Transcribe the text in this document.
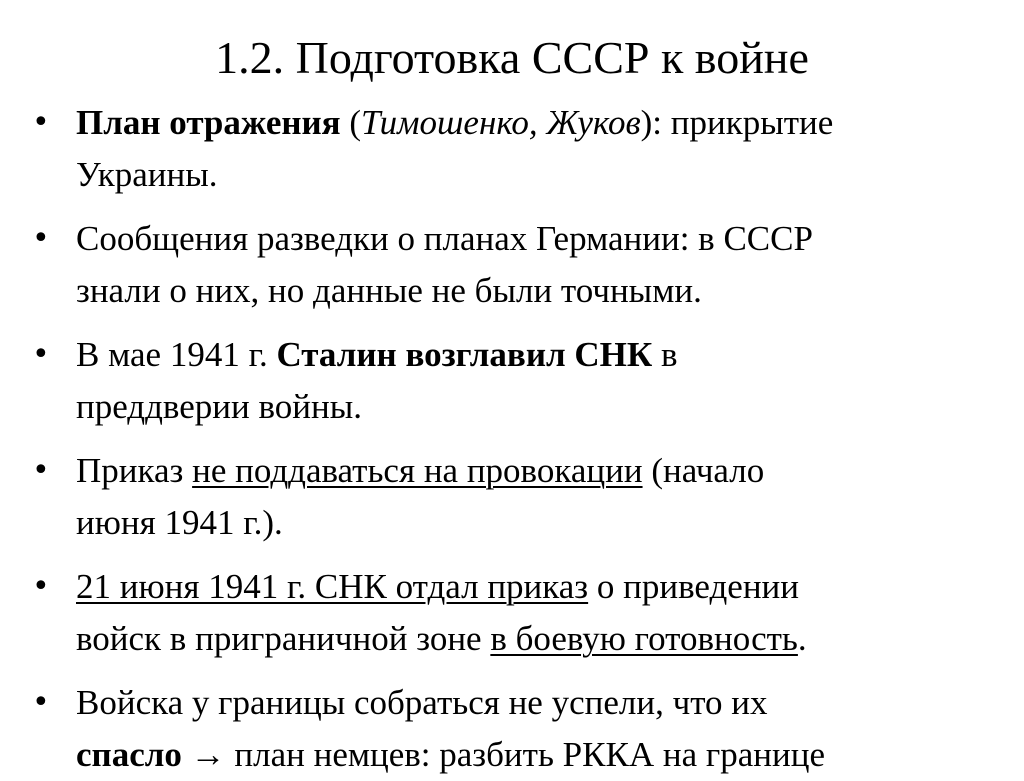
1.2. Подготовка СССР к войне
• План отражения (Тимошенко, Жуков): прикрытие
Украины.
• Сообщения разведки о планах Германии: в СССР
знали о них, но данные не были точными.
• В мае 1941 г. Сталин возглавил СНК в
преддверии войны.
• Приказ не поддаваться на провокации (начало
июня 1941 г.).
• 21 июня 1941 г. СНК отдал приказ о приведении
войск в приграничной зоне в боевую готовность.
• Войска у границы собраться не успели, что их
спасло → план немцев: разбить РККА на границе
